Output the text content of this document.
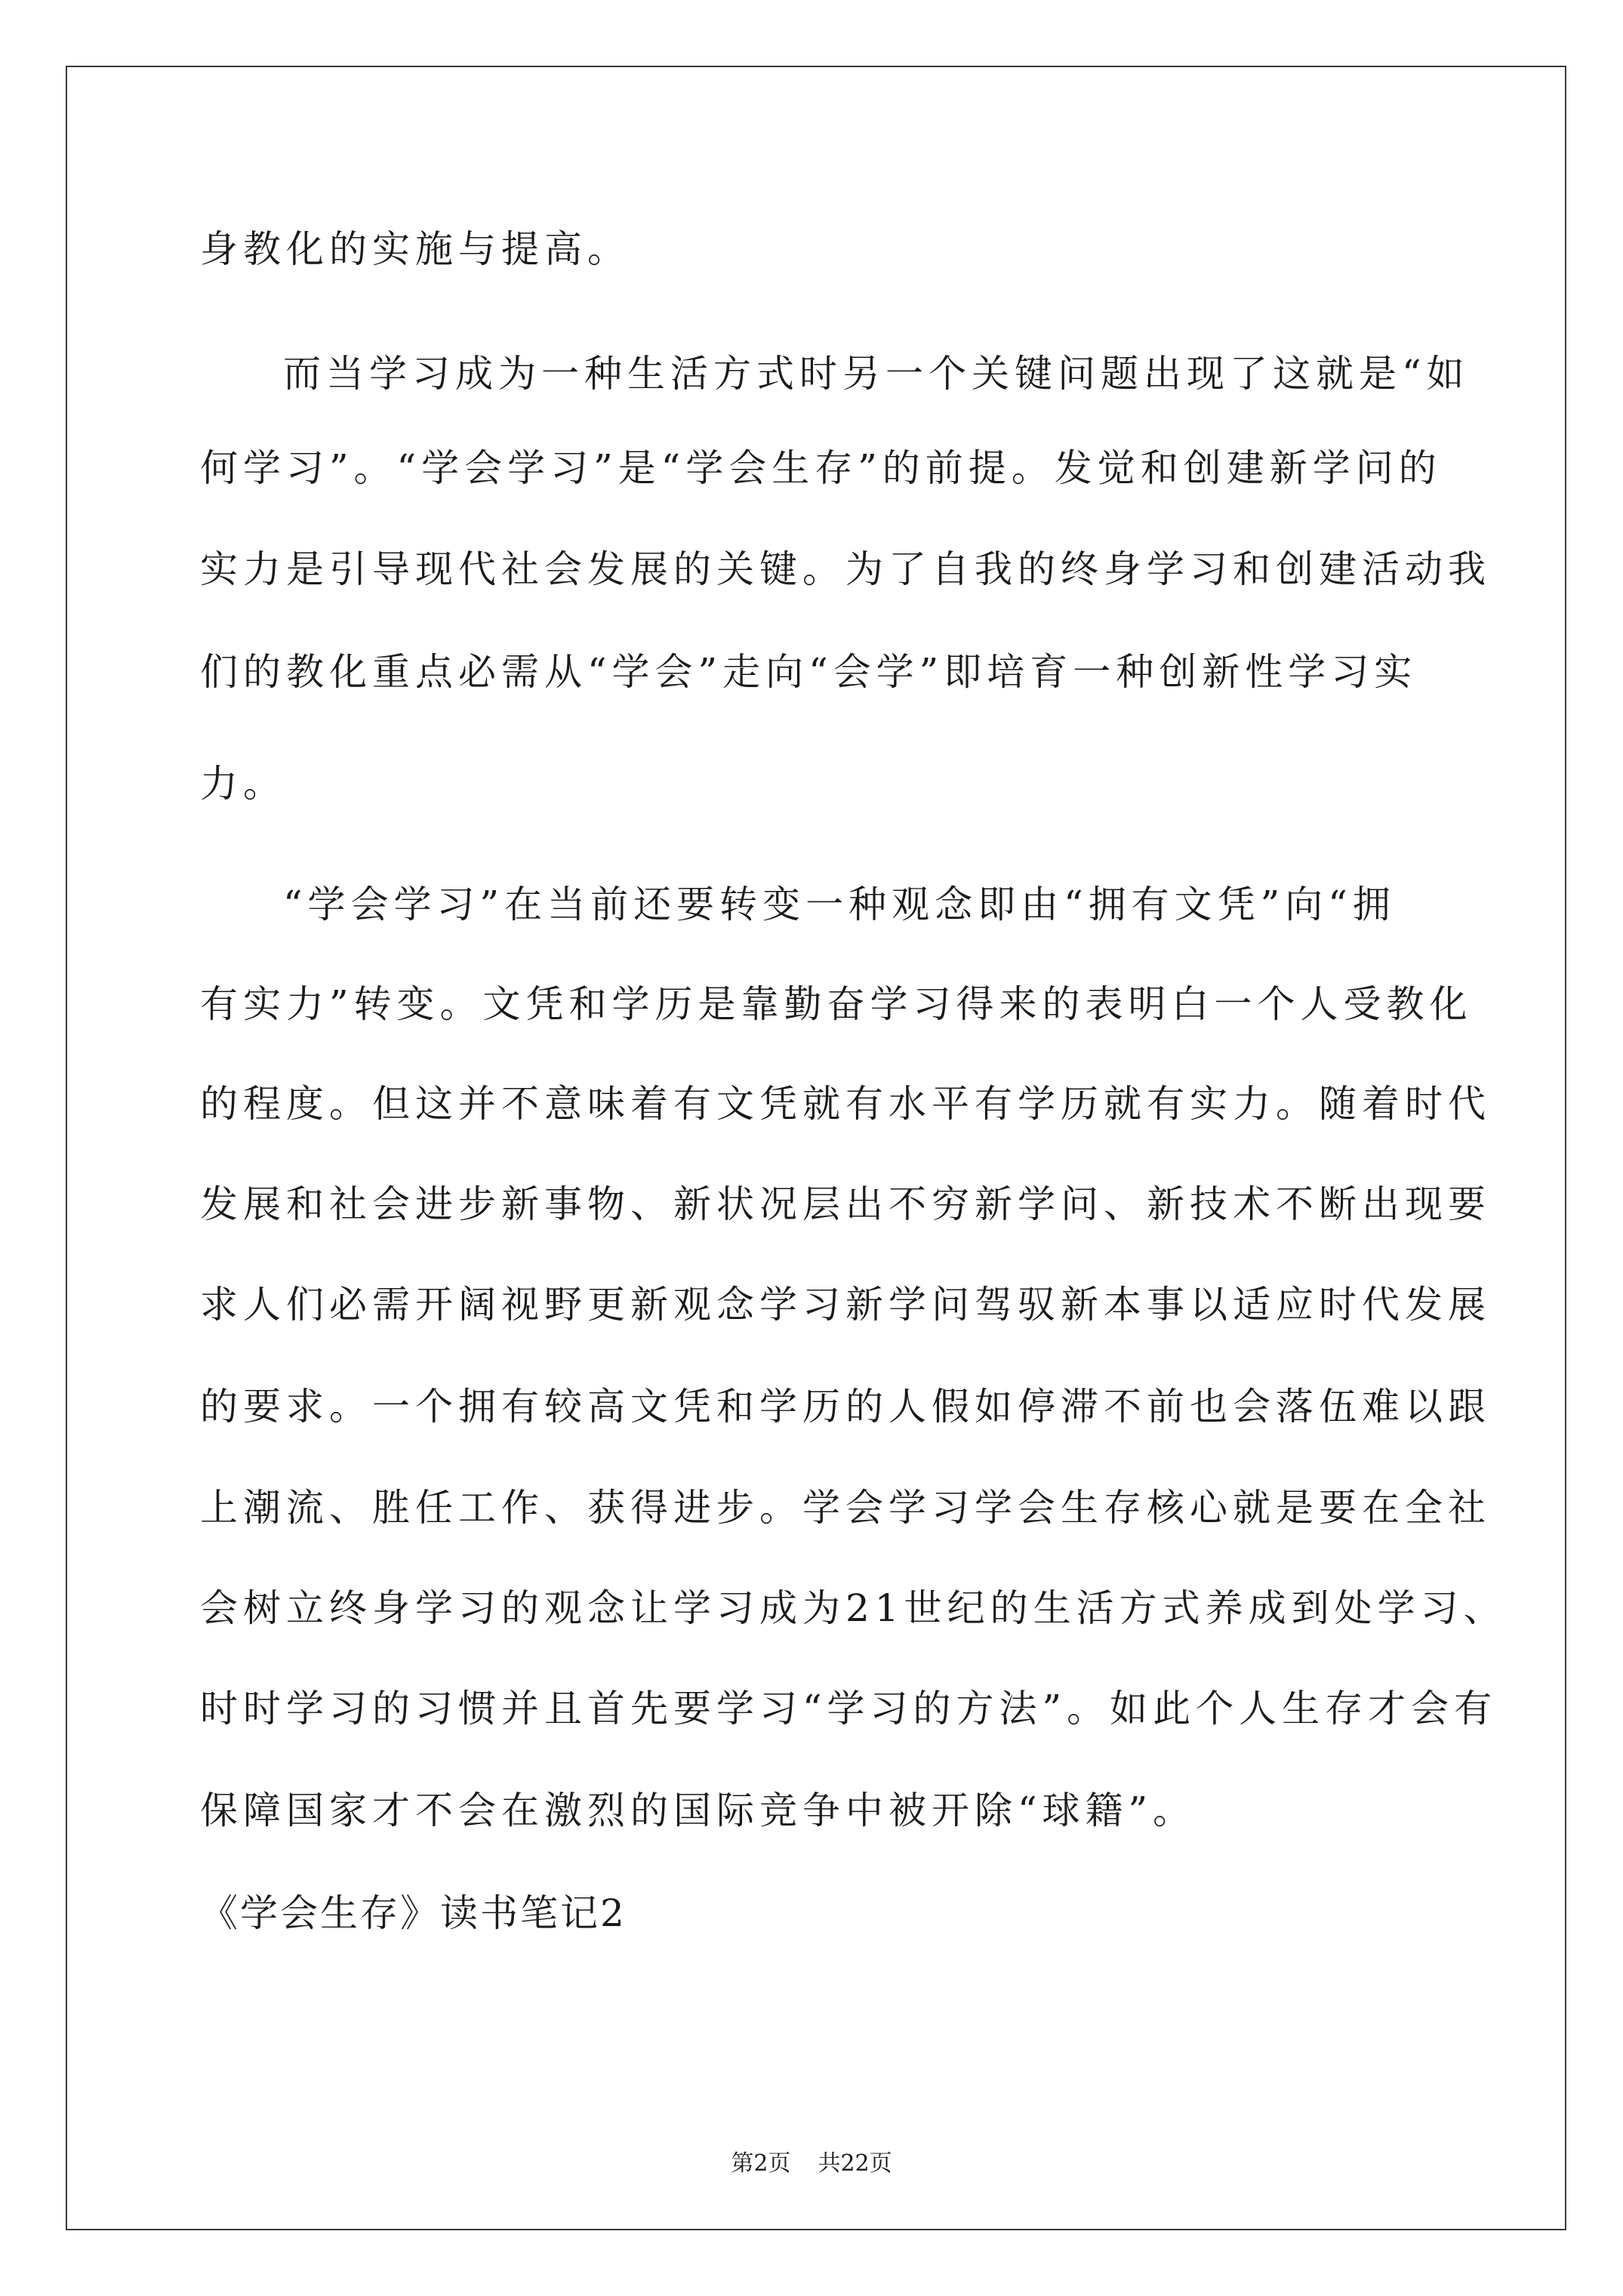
身教化的实施与提高。
而当学习成为一种生活方式时另一个关键问题出现了这就是“如
何学习”。“学会学习”是“学会生存”的前提。发觉和创建新学问的
实力是引导现代社会发展的关键。为了自我的终身学习和创建活动我
们的教化重点必需从“学会”走向“会学”即培育一种创新性学习实
力。
“学会学习”在当前还要转变一种观念即由“拥有文凭”向“拥
有实力”转变。文凭和学历是靠勤奋学习得来的表明白一个人受教化
的程度。但这并不意味着有文凭就有水平有学历就有实力。随着时代
发展和社会进步新事物、新状况层出不穷新学问、新技术不断出现要
求人们必需开阔视野更新观念学习新学问驾驭新本事以适应时代发展
的要求。一个拥有较高文凭和学历的人假如停滞不前也会落伍难以跟
上潮流、胜任工作、获得进步。学会学习学会生存核心就是要在全社
会树立终身学习的观念让学习成为21世纪的生活方式养成到处学习、
时时学习的习惯并且首先要学习“学习的方法”。如此个人生存才会有
保障国家才不会在激烈的国际竞争中被开除“球籍”。
《学会生存》读书笔记2
第2页 共22页
